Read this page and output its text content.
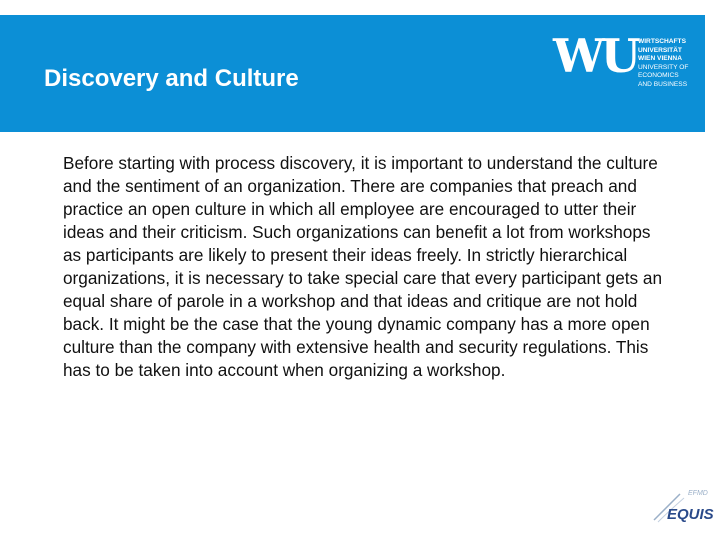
Discovery and Culture	WU WIRTSCHAFTS
UNIVERSITÄT
WIEN VIENNA
UNIVERSITY OF
ECONOMICS
AND BUSINESS

Before starting with process discovery, it is important to understand the culture and the sentiment of an organization. There are companies that preach and practice an open culture in which all employee are encouraged to utter their ideas and their criticism. Such organizations can benefit a lot from workshops as participants are likely to present their ideas freely. In strictly hierarchical organizations, it is necessary to take special care that every participant gets an equal share of parole in a workshop and that ideas and critique are not hold back. It might be the case that the young dynamic company has a more open culture than the company with extensive health and security regulations. This has to be taken into account when organizing a workshop.

EFMD
EQUIS
